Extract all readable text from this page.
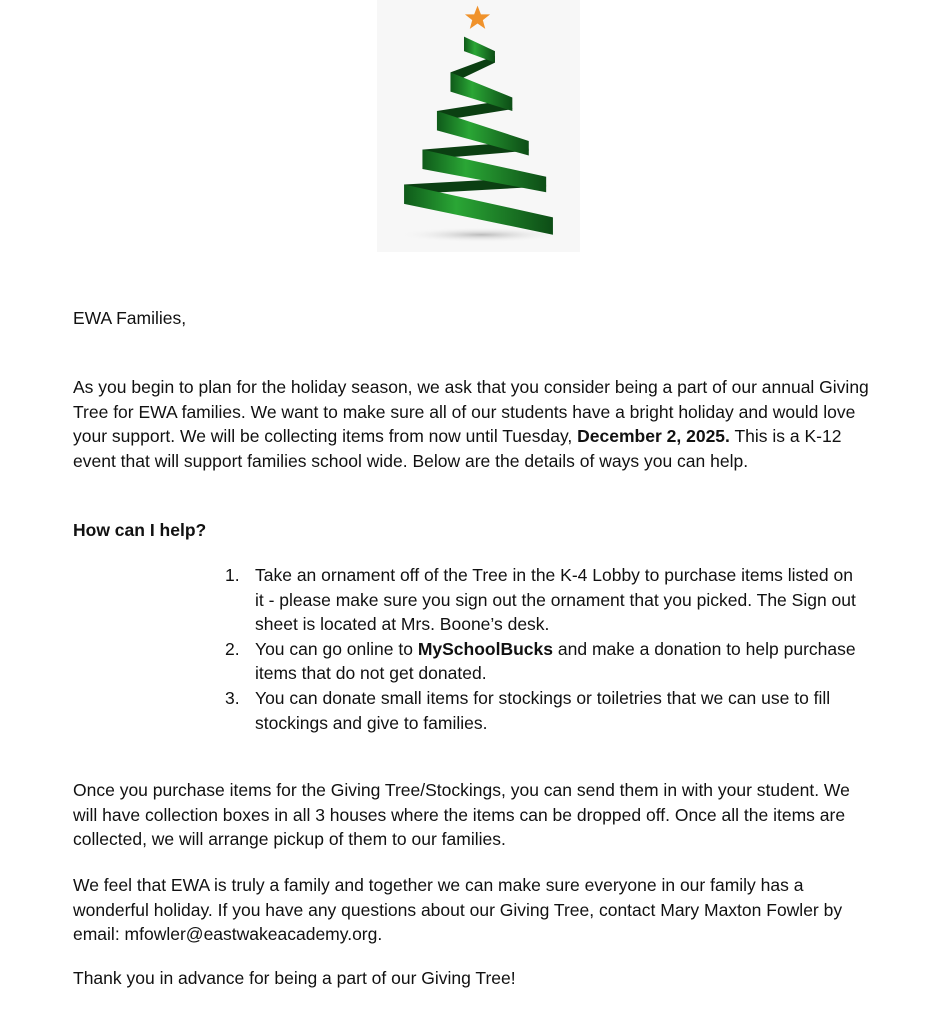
EWA Families,

As you begin to plan for the holiday season, we ask that you consider being a part of our annual Giving Tree for EWA families. We want to make sure all of our students have a bright holiday and would love your support. We will be collecting items from now until Tuesday, December 2, 2025. This is a K-12 event that will support families school wide. Below are the details of ways you can help.

How can I help?

1. Take an ornament off of the Tree in the K-4 Lobby to purchase items listed on it - please make sure you sign out the ornament that you picked. The Sign out sheet is located at Mrs. Boone’s desk.
2. You can go online to MySchoolBucks and make a donation to help purchase items that do not get donated.
3. You can donate small items for stockings or toiletries that we can use to fill stockings and give to families.

Once you purchase items for the Giving Tree/Stockings, you can send them in with your student. We will have collection boxes in all 3 houses where the items can be dropped off. Once all the items are collected, we will arrange pickup of them to our families.

We feel that EWA is truly a family and together we can make sure everyone in our family has a wonderful holiday. If you have any questions about our Giving Tree, contact Mary Maxton Fowler by email: mfowler@eastwakeacademy.org.

Thank you in advance for being a part of our Giving Tree!
